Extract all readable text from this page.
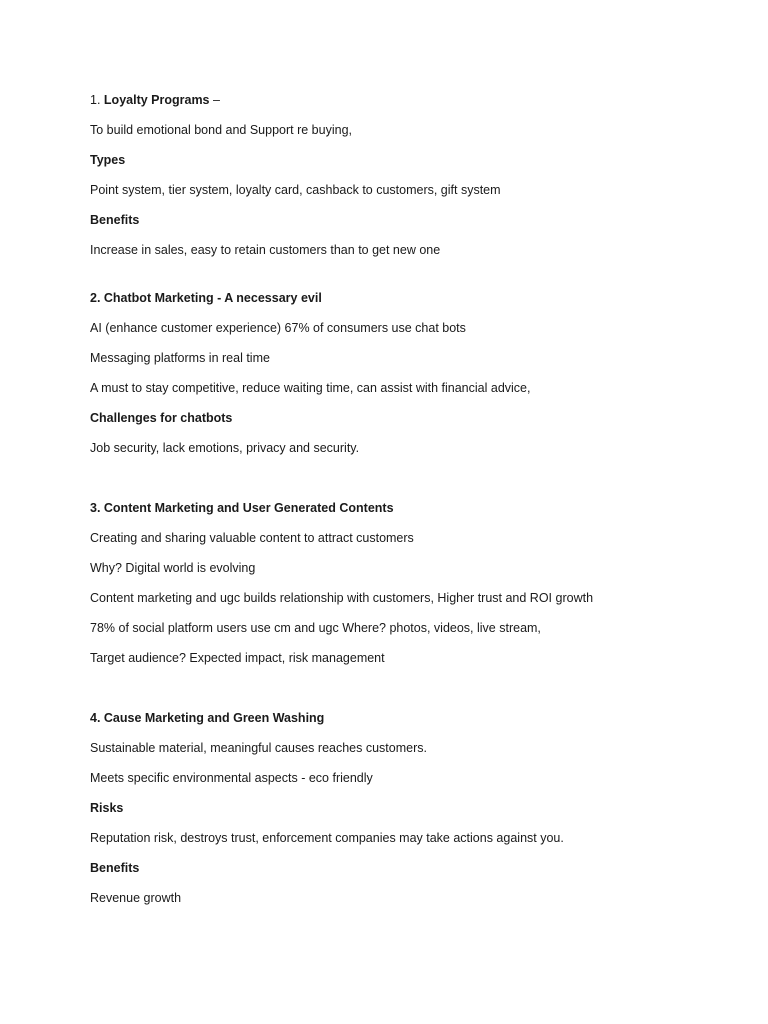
1. Loyalty Programs –
To build emotional bond and Support re buying,
Types
Point system, tier system, loyalty card, cashback to customers, gift system
Benefits
Increase in sales, easy to retain customers than to get new one
2. Chatbot Marketing - A necessary evil
AI (enhance customer experience) 67% of consumers use chat bots
Messaging platforms in real time
A must to stay competitive, reduce waiting time, can assist with financial advice,
Challenges for chatbots
Job security, lack emotions, privacy and security.
3. Content Marketing and User Generated Contents
Creating and sharing valuable content to attract customers
Why? Digital world is evolving
Content marketing and ugc builds relationship with customers, Higher trust and ROI growth
78% of social platform users use cm and ugc Where? photos, videos, live stream,
Target audience? Expected impact, risk management
4. Cause Marketing and Green Washing
Sustainable material, meaningful causes reaches customers.
Meets specific environmental aspects - eco friendly
Risks
Reputation risk, destroys trust, enforcement companies may take actions against you.
Benefits
Revenue growth
